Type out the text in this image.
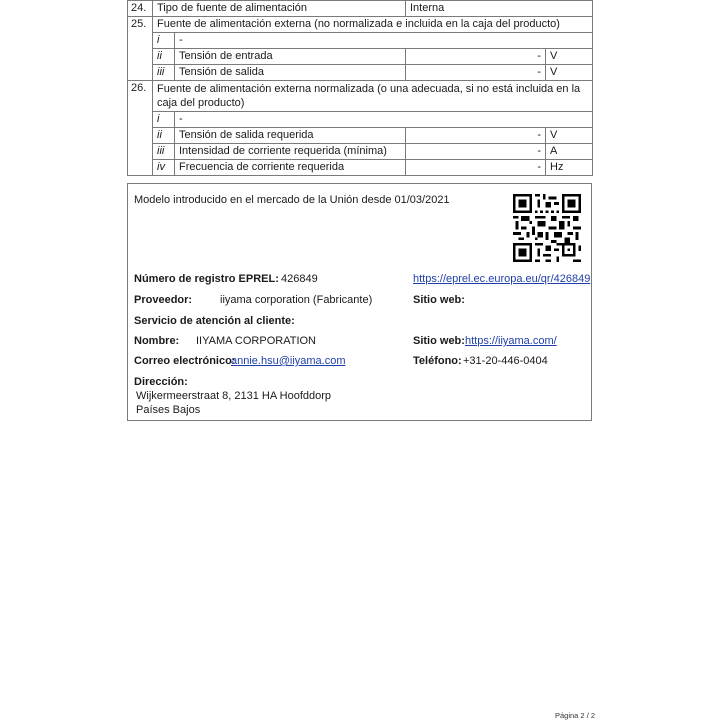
24.	Tipo de fuente de alimentación		Interna	
25.	Fuente de alimentación externa (no normalizada e incluida en la caja del producto)			
	i	-		
	ii	Tensión de entrada	-	V
	iii	Tensión de salida	-	V
26.	Fuente de alimentación externa normalizada (o una adecuada, si no está incluida en la caja del producto)			
	i	-		
	ii	Tensión de salida requerida	-	V
	iii	Intensidad de corriente requerida (mínima)	-	A
	iv	Frecuencia de corriente requerida	-	Hz
Modelo introducido en el mercado de la Unión desde 01/03/2021
Número de registro EPREL: 426849	https://eprel.ec.europa.eu/qr/426849
Proveedor:	iiyama corporation (Fabricante)	Sitio web:
Servicio de atención al cliente:
Nombre: IIYAMA CORPORATION	Sitio web: https://iiyama.com/
Correo electrónico:
annie.hsu@iiyama.com	Teléfono: +31-20-446-0404
Dirección:
Wijkermeerstraat 8, 2131 HA Hoofddorp
Países Bajos
Página 2 / 2
